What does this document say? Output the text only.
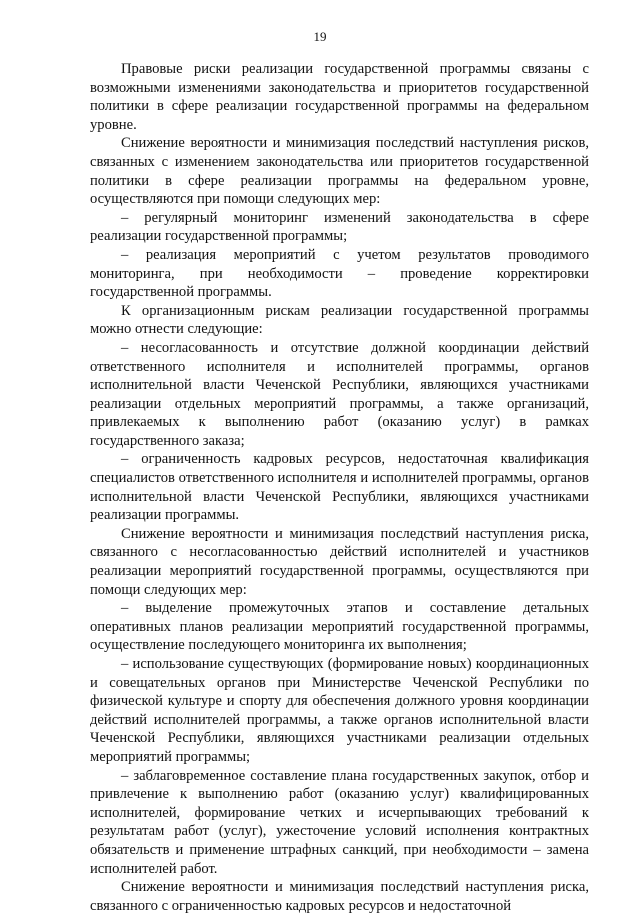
19

Правовые риски реализации государственной программы связаны с возможными изменениями законодательства и приоритетов государственной политики в сфере реализации государственной программы на федеральном уровне.

Снижение вероятности и минимизация последствий наступления рисков, связанных с изменением законодательства или приоритетов государственной политики в сфере реализации программы на федеральном уровне, осуществляются при помощи следующих мер:

– регулярный мониторинг изменений законодательства в сфере реализации государственной программы;

– реализация мероприятий с учетом результатов проводимого мониторинга, при необходимости – проведение корректировки государственной программы.

К организационным рискам реализации государственной программы можно отнести следующие:

– несогласованность и отсутствие должной координации действий ответственного исполнителя и исполнителей программы, органов исполнительной власти Чеченской Республики, являющихся участниками реализации отдельных мероприятий программы, а также организаций, привлекаемых к выполнению работ (оказанию услуг) в рамках государственного заказа;

– ограниченность кадровых ресурсов, недостаточная квалификация специалистов ответственного исполнителя и исполнителей программы, органов исполнительной власти Чеченской Республики, являющихся участниками реализации программы.

Снижение вероятности и минимизация последствий наступления риска, связанного с несогласованностью действий исполнителей и участников реализации мероприятий государственной программы, осуществляются при помощи следующих мер:

– выделение промежуточных этапов и составление детальных оперативных планов реализации мероприятий государственной программы, осуществление последующего мониторинга их выполнения;

– использование существующих (формирование новых) координационных и совещательных органов при Министерстве Чеченской Республики по физической культуре и спорту для обеспечения должного уровня координации действий исполнителей программы, а также органов исполнительной власти Чеченской Республики, являющихся участниками реализации отдельных мероприятий программы;

– заблаговременное составление плана государственных закупок, отбор и привлечение к выполнению работ (оказанию услуг) квалифицированных исполнителей, формирование четких и исчерпывающих требований к результатам работ (услуг), ужесточение условий исполнения контрактных обязательств и применение штрафных санкций, при необходимости – замена исполнителей работ.

Снижение вероятности и минимизация последствий наступления риска, связанного с ограниченностью кадровых ресурсов и недостаточной
